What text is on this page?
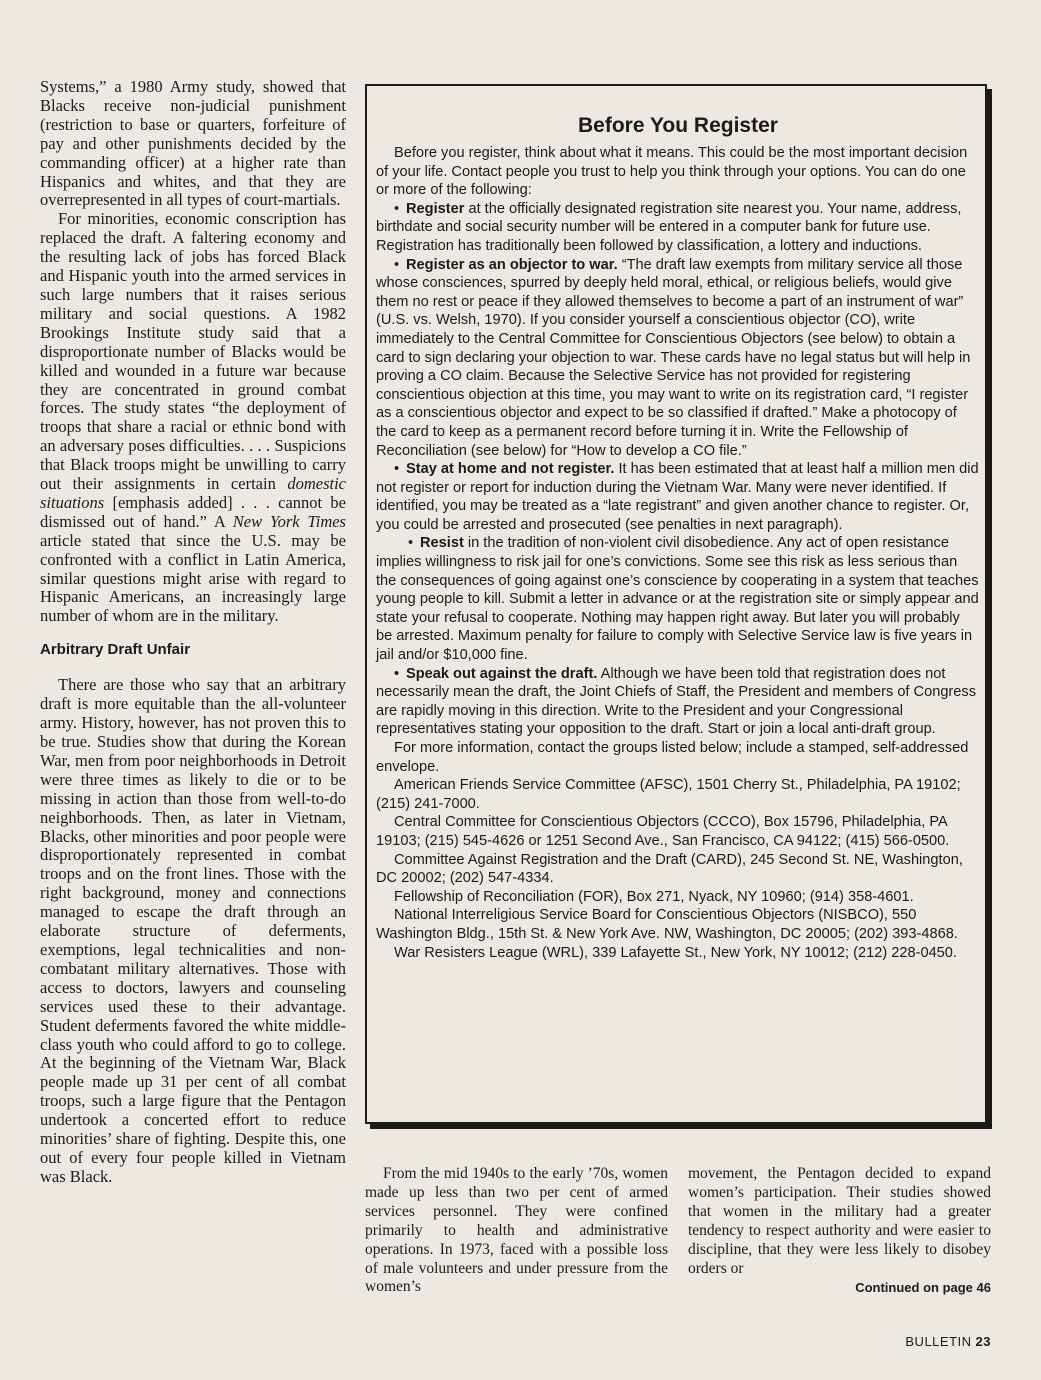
Systems,” a 1980 Army study, showed that Blacks receive non-judicial punishment (restriction to base or quarters, forfeiture of pay and other punishments decided by the commanding officer) at a higher rate than Hispanics and whites, and that they are overrepresented in all types of court-martials.

For minorities, economic conscription has replaced the draft. A faltering economy and the resulting lack of jobs has forced Black and Hispanic youth into the armed services in such large numbers that it raises serious military and social questions. A 1982 Brookings Institute study said that a disproportionate number of Blacks would be killed and wounded in a future war because they are concentrated in ground combat forces. The study states “the deployment of troops that share a racial or ethnic bond with an adversary poses difficulties. . . . Suspicions that Black troops might be unwilling to carry out their assignments in certain domestic situations [emphasis added] . . . cannot be dismissed out of hand.” A New York Times article stated that since the U.S. may be confronted with a conflict in Latin America, similar questions might arise with regard to Hispanic Americans, an increasingly large number of whom are in the military.

Arbitrary Draft Unfair

There are those who say that an arbitrary draft is more equitable than the all-volunteer army. History, however, has not proven this to be true. Studies show that during the Korean War, men from poor neighborhoods in Detroit were three times as likely to die or to be missing in action than those from well-to-do neighborhoods. Then, as later in Vietnam, Blacks, other minorities and poor people were disproportionately represented in combat troops and on the front lines. Those with the right background, money and connections managed to escape the draft through an elaborate structure of deferments, exemptions, legal technicalities and non-combatant military alternatives. Those with access to doctors, lawyers and counseling services used these to their advantage. Student deferments favored the white middle-class youth who could afford to go to college. At the beginning of the Vietnam War, Black people made up 31 per cent of all combat troops, such a large figure that the Pentagon undertook a concerted effort to reduce minorities’ share of fighting. Despite this, one out of every four people killed in Vietnam was Black.

Before You Register

Before you register, think about what it means. This could be the most important decision of your life. Contact people you trust to help you think through your options. You can do one or more of the following:

• Register at the officially designated registration site nearest you. Your name, address, birthdate and social security number will be entered in a computer bank for future use. Registration has traditionally been followed by classification, a lottery and inductions.

• Register as an objector to war. “The draft law exempts from military service all those whose consciences, spurred by deeply held moral, ethical, or religious beliefs, would give them no rest or peace if they allowed themselves to become a part of an instrument of war” (U.S. vs. Welsh, 1970). If you consider yourself a conscientious objector (CO), write immediately to the Central Committee for Conscientious Objectors (see below) to obtain a card to sign declaring your objection to war. These cards have no legal status but will help in proving a CO claim. Because the Selective Service has not provided for registering conscientious objection at this time, you may want to write on its registration card, “I register as a conscientious objector and expect to be so classified if drafted.” Make a photocopy of the card to keep as a permanent record before turning it in. Write the Fellowship of Reconciliation (see below) for “How to develop a CO file.”

• Stay at home and not register. It has been estimated that at least half a million men did not register or report for induction during the Vietnam War. Many were never identified. If identified, you may be treated as a “late registrant” and given another chance to register. Or, you could be arrested and prosecuted (see penalties in next paragraph).

• Resist in the tradition of non-violent civil disobedience. Any act of open resistance implies willingness to risk jail for one’s convictions. Some see this risk as less serious than the consequences of going against one’s conscience by cooperating in a system that teaches young people to kill. Submit a letter in advance or at the registration site or simply appear and state your refusal to cooperate. Nothing may happen right away. But later you will probably be arrested. Maximum penalty for failure to comply with Selective Service law is five years in jail and/or $10,000 fine.

• Speak out against the draft. Although we have been told that registration does not necessarily mean the draft, the Joint Chiefs of Staff, the President and members of Congress are rapidly moving in this direction. Write to the President and your Congressional representatives stating your opposition to the draft. Start or join a local anti-draft group.

For more information, contact the groups listed below; include a stamped, self-addressed envelope.

American Friends Service Committee (AFSC), 1501 Cherry St., Philadelphia, PA 19102; (215) 241-7000.

Central Committee for Conscientious Objectors (CCCO), Box 15796, Philadelphia, PA 19103; (215) 545-4626 or 1251 Second Ave., San Francisco, CA 94122; (415) 566-0500.

Committee Against Registration and the Draft (CARD), 245 Second St. NE, Washington, DC 20002; (202) 547-4334.

Fellowship of Reconciliation (FOR), Box 271, Nyack, NY 10960; (914) 358-4601.

National Interreligious Service Board for Conscientious Objectors (NISBCO), 550 Washington Bldg., 15th St. & New York Ave. NW, Washington, DC 20005; (202) 393-4868.

War Resisters League (WRL), 339 Lafayette St., New York, NY 10012; (212) 228-0450.

From the mid 1940s to the early ’70s, women made up less than two per cent of armed services personnel. They were confined primarily to health and administrative operations. In 1973, faced with a possible loss of male volunteers and under pressure from the women’s

movement, the Pentagon decided to expand women’s participation. Their studies showed that women in the military had a greater tendency to respect authority and were easier to discipline, that they were less likely to disobey orders or

Continued on page 46
BULLETIN 23
